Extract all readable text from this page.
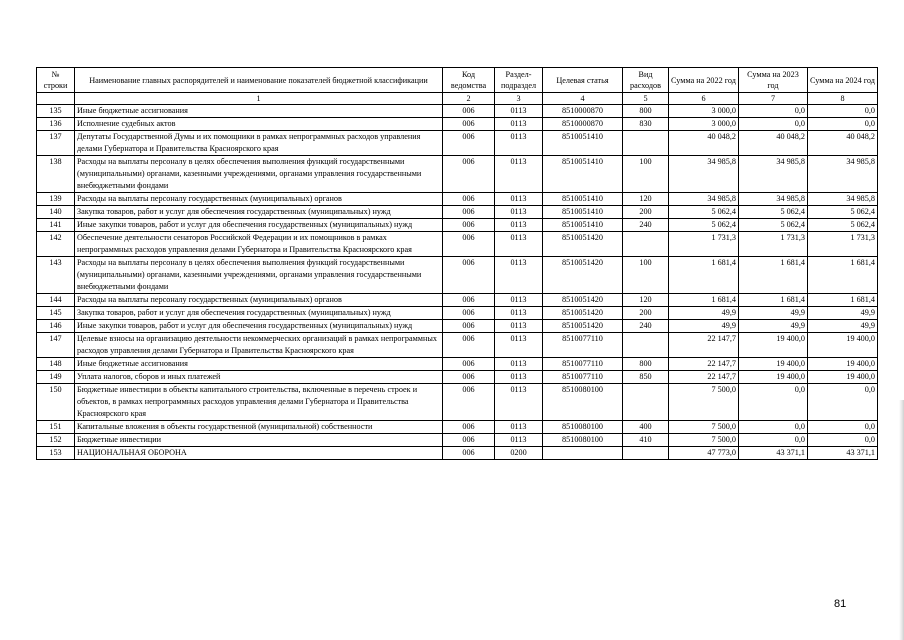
№ строки	Наименование главных распорядителей и наименование показателей бюджетной классификации	Код ведомства	Раздел-подраздел	Целевая статья	Вид расходов	Сумма на 2022 год	Сумма на 2023 год	Сумма на 2024 год
	1	2	3	4	5	6	7	8
135	Иные бюджетные ассигнования	006	0113	8510000870	800	3 000,0	0,0	0,0
136	Исполнение судебных актов	006	0113	8510000870	830	3 000,0	0,0	0,0
137	Депутаты Государственной Думы и их помощники в рамках непрограммных расходов управления делами Губернатора и Правительства Красноярского края	006	0113	8510051410		40 048,2	40 048,2	40 048,2
138	Расходы на выплаты персоналу в целях обеспечения выполнения функций государственными (муниципальными) органами, казенными учреждениями, органами управления государственными внебюджетными фондами	006	0113	8510051410	100	34 985,8	34 985,8	34 985,8
139	Расходы на выплаты персоналу государственных (муниципальных) органов	006	0113	8510051410	120	34 985,8	34 985,8	34 985,8
140	Закупка товаров, работ и услуг для обеспечения государственных (муниципальных) нужд	006	0113	8510051410	200	5 062,4	5 062,4	5 062,4
141	Иные закупки товаров, работ и услуг для обеспечения государственных (муниципальных) нужд	006	0113	8510051410	240	5 062,4	5 062,4	5 062,4
142	Обеспечение деятельности сенаторов Российской Федерации и их помощников в рамках непрограммных расходов управления делами Губернатора и Правительства Красноярского края	006	0113	8510051420		1 731,3	1 731,3	1 731,3
143	Расходы на выплаты персоналу в целях обеспечения выполнения функций государственными (муниципальными) органами, казенными учреждениями, органами управления государственными внебюджетными фондами	006	0113	8510051420	100	1 681,4	1 681,4	1 681,4
144	Расходы на выплаты персоналу государственных (муниципальных) органов	006	0113	8510051420	120	1 681,4	1 681,4	1 681,4
145	Закупка товаров, работ и услуг для обеспечения государственных (муниципальных) нужд	006	0113	8510051420	200	49,9	49,9	49,9
146	Иные закупки товаров, работ и услуг для обеспечения государственных (муниципальных) нужд	006	0113	8510051420	240	49,9	49,9	49,9
147	Целевые взносы на организацию деятельности некоммерческих организаций в рамках непрограммных расходов управления делами Губернатора и Правительства Красноярского края	006	0113	8510077110		22 147,7	19 400,0	19 400,0
148	Иные бюджетные ассигнования	006	0113	8510077110	800	22 147,7	19 400,0	19 400,0
149	Уплата налогов, сборов и иных платежей	006	0113	8510077110	850	22 147,7	19 400,0	19 400,0
150	Бюджетные инвестиции в объекты капитального строительства, включенные в перечень строек и объектов, в рамках непрограммных расходов управления делами Губернатора и Правительства Красноярского края	006	0113	8510080100		7 500,0	0,0	0,0
151	Капитальные вложения в объекты государственной (муниципальной) собственности	006	0113	8510080100	400	7 500,0	0,0	0,0
152	Бюджетные инвестиции	006	0113	8510080100	410	7 500,0	0,0	0,0
153	НАЦИОНАЛЬНАЯ ОБОРОНА	006	0200			47 773,0	43 371,1	43 371,1
81
